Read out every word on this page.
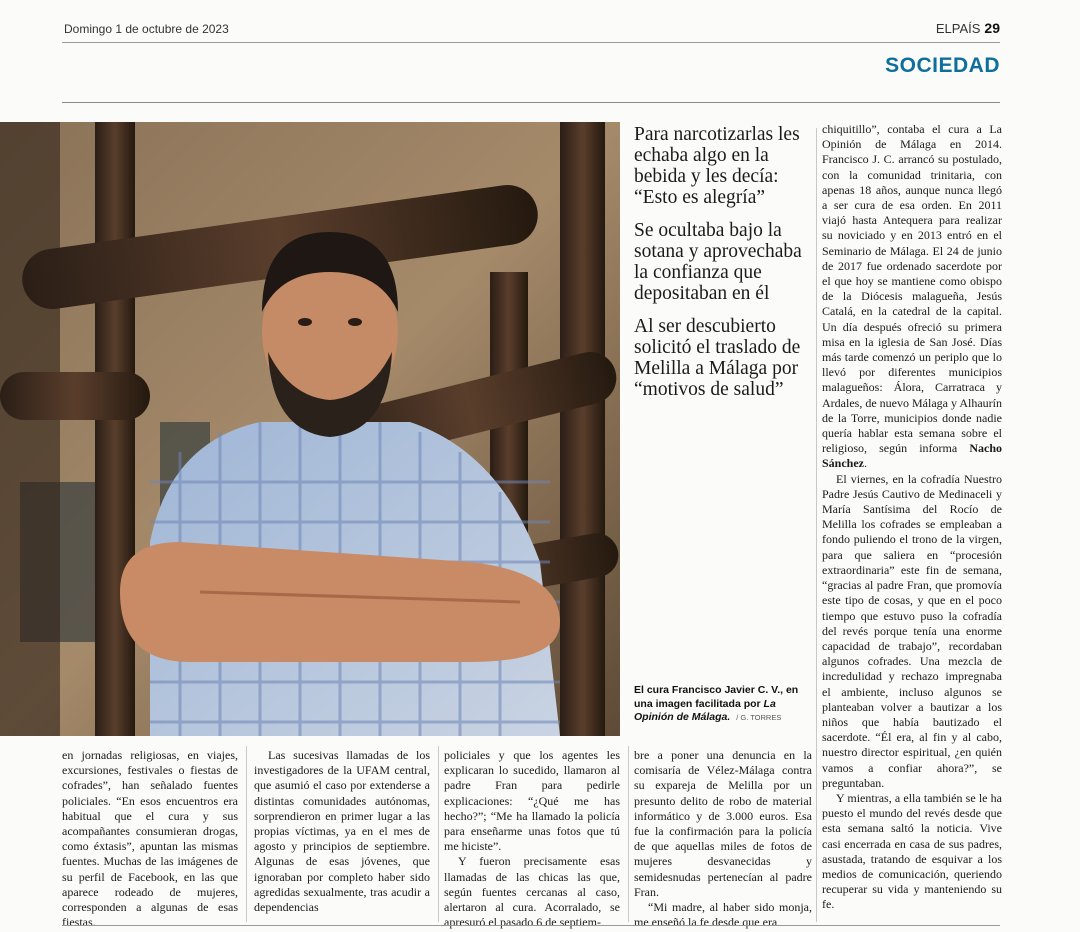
Domingo 1 de octubre de 2023	ELPAÍS 29
SOCIEDAD
Para narcotizarlas les echaba algo en la bebida y les decía: “Esto es alegría”
Se ocultaba bajo la sotana y aprovechaba la confianza que depositaban en él
Al ser descubierto solicitó el traslado de Melilla a Málaga por “motivos de salud”
El cura Francisco Javier C. V., en una imagen facilitada por La Opinión de Málaga. / G. TORRES

chiquitillo”, contaba el cura a La Opinión de Málaga en 2014. Francisco J. C. arrancó su postulado, con la comunidad trinitaria, con apenas 18 años, aunque nunca llegó a ser cura de esa orden. En 2011 viajó hasta Antequera para realizar su noviciado y en 2013 entró en el Seminario de Málaga. El 24 de junio de 2017 fue ordenado sacerdote por el que hoy se mantiene como obispo de la Diócesis malagueña, Jesús Catalá, en la catedral de la capital. Un día después ofreció su primera misa en la iglesia de San José. Días más tarde comenzó un periplo que lo llevó por diferentes municipios malagueños: Álora, Carratraca y Ardales, de nuevo Málaga y Alhaurín de la Torre, municipios donde nadie quería hablar esta semana sobre el religioso, según informa Nacho Sánchez.

El viernes, en la cofradía Nuestro Padre Jesús Cautivo de Medinaceli y María Santísima del Rocío de Melilla los cofrades se empleaban a fondo puliendo el trono de la virgen, para que saliera en “procesión extraordinaria” este fin de semana, “gracias al padre Fran, que promovía este tipo de cosas, y que en el poco tiempo que estuvo puso la cofradía del revés porque tenía una enorme capacidad de trabajo”, recordaban algunos cofrades. Una mezcla de incredulidad y rechazo impregnaba el ambiente, incluso algunos se planteaban volver a bautizar a los niños que había bautizado el sacerdote. “Él era, al fin y al cabo, nuestro director espiritual, ¿en quién vamos a confiar ahora?”, se preguntaban.

Y mientras, a ella también se le ha puesto el mundo del revés desde que esta semana saltó la noticia. Vive casi encerrada en casa de sus padres, asustada, tratando de esquivar a los medios de comunicación, queriendo recuperar su vida y manteniendo su fe.

en jornadas religiosas, en viajes, excursiones, festivales o fiestas de cofrades”, han señalado fuentes policiales. “En esos encuentros era habitual que el cura y sus acompañantes consumieran drogas, como éxtasis”, apuntan las mismas fuentes. Muchas de las imágenes de su perfil de Facebook, en las que aparece rodeado de mujeres, corresponden a algunas de esas fiestas.

Las sucesivas llamadas de los investigadores de la UFAM central, que asumió el caso por extenderse a distintas comunidades autónomas, sorprendieron en primer lugar a las propias víctimas, ya en el mes de agosto y principios de septiembre. Algunas de esas jóvenes, que ignoraban por completo haber sido agredidas sexualmente, tras acudir a dependencias

policiales y que los agentes les explicaran lo sucedido, llamaron al padre Fran para pedirle explicaciones: “¿Qué me has hecho?”; “Me ha llamado la policía para enseñarme unas fotos que tú me hiciste”.

Y fueron precisamente esas llamadas de las chicas las que, según fuentes cercanas al caso, alertaron al cura. Acorralado, se apresuró el pasado 6 de septiem-

bre a poner una denuncia en la comisaría de Vélez-Málaga contra su expareja de Melilla por un presunto delito de robo de material informático y de 3.000 euros. Esa fue la confirmación para la policía de que aquellas miles de fotos de mujeres desvanecidas y semidesnudas pertenecían al padre Fran.

“Mi madre, al haber sido monja, me enseñó la fe desde que era
